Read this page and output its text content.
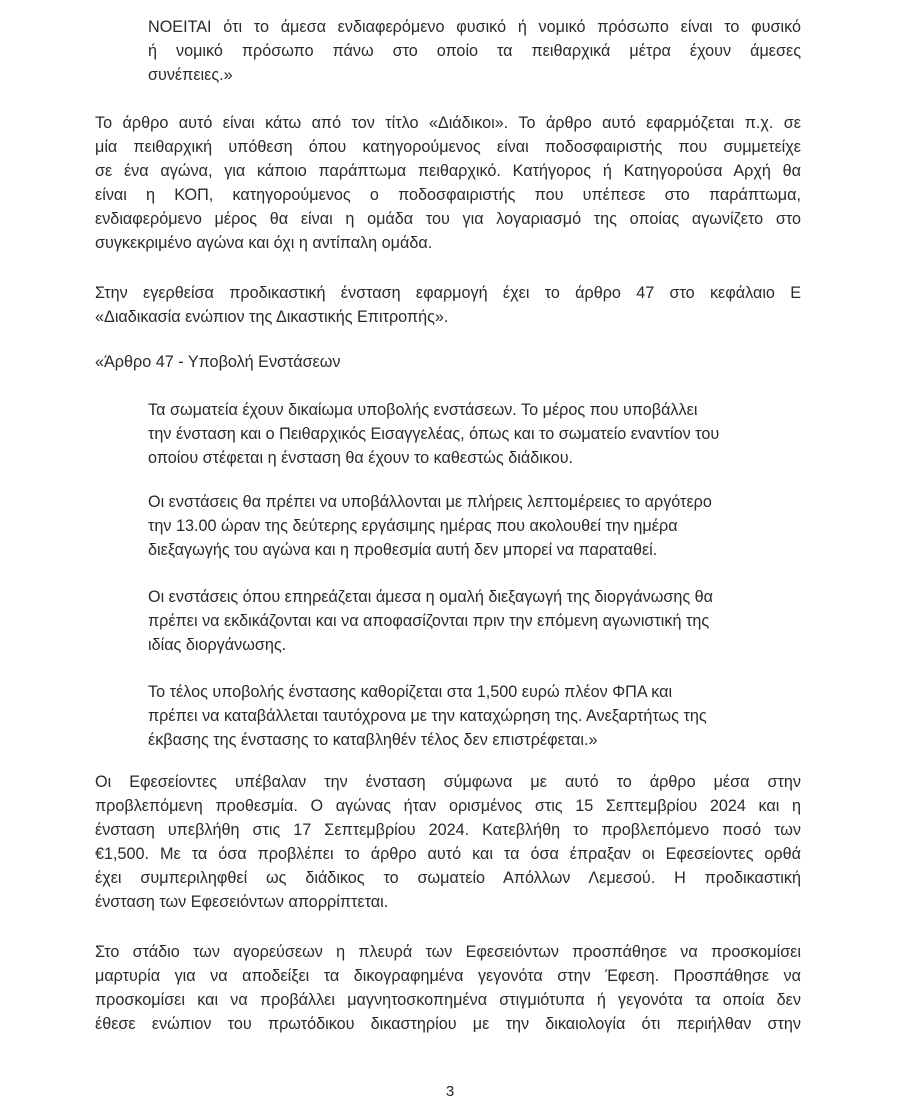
ΝΟΕΙΤΑΙ ότι το άμεσα ενδιαφερόμενο φυσικό ή νομικό πρόσωπο είναι το φυσικό
ή νομικό πρόσωπο πάνω στο οποίο τα πειθαρχικά μέτρα έχουν άμεσες
συνέπειες.»

Το άρθρο αυτό είναι κάτω από τον τίτλο «Διάδικοι». Το άρθρο αυτό εφαρμόζεται π.χ. σε
μία πειθαρχική υπόθεση όπου κατηγορούμενος είναι ποδοσφαιριστής που συμμετείχε
σε ένα αγώνα, για κάποιο παράπτωμα πειθαρχικό. Κατήγορος ή Κατηγορούσα Αρχή θα
είναι η ΚΟΠ, κατηγορούμενος ο ποδοσφαιριστής που υπέπεσε στο παράπτωμα,
ενδιαφερόμενο μέρος θα είναι η ομάδα του για λογαριασμό της οποίας αγωνίζετο στο
συγκεκριμένο αγώνα και όχι η αντίπαλη ομάδα.

Στην εγερθείσα προδικαστική ένσταση εφαρμογή έχει το άρθρο 47 στο κεφάλαιο Ε
«Διαδικασία ενώπιον της Δικαστικής Επιτροπής».

«Άρθρο 47 - Υποβολή Ενστάσεων

Τα σωματεία έχουν δικαίωμα υποβολής ενστάσεων. Το μέρος που υποβάλλει
την ένσταση και ο Πειθαρχικός Εισαγγελέας, όπως και το σωματείο εναντίον του
οποίου στέφεται η ένσταση θα έχουν το καθεστώς διάδικου.

Οι ενστάσεις θα πρέπει να υποβάλλονται με πλήρεις λεπτομέρειες το αργότερο
την 13.00 ώραν της δεύτερης εργάσιμης ημέρας που ακολουθεί την ημέρα
διεξαγωγής του αγώνα και η προθεσμία αυτή δεν μπορεί να παραταθεί.

Οι ενστάσεις όπου επηρεάζεται άμεσα η ομαλή διεξαγωγή της διοργάνωσης θα
πρέπει να εκδικάζονται και να αποφασίζονται πριν την επόμενη αγωνιστική της
ιδίας διοργάνωσης.

Το τέλος υποβολής ένστασης καθορίζεται στα 1,500 ευρώ πλέον ΦΠΑ και
πρέπει να καταβάλλεται ταυτόχρονα με την καταχώρηση της. Ανεξαρτήτως της
έκβασης της ένστασης το καταβληθέν τέλος δεν επιστρέφεται.»

Οι Εφεσείοντες υπέβαλαν την ένσταση σύμφωνα με αυτό το άρθρο μέσα στην
προβλεπόμενη προθεσμία. Ο αγώνας ήταν ορισμένος στις 15 Σεπτεμβρίου 2024 και η
ένσταση υπεβλήθη στις 17 Σεπτεμβρίου 2024. Κατεβλήθη το προβλεπόμενο ποσό των
€1,500. Με τα όσα προβλέπει το άρθρο αυτό και τα όσα έπραξαν οι Εφεσείοντες ορθά
έχει συμπεριληφθεί ως διάδικος το σωματείο Απόλλων Λεμεσού. Η προδικαστική
ένσταση των Εφεσειόντων απορρίπτεται.

Στο στάδιο των αγορεύσεων η πλευρά των Εφεσειόντων προσπάθησε να προσκομίσει
μαρτυρία για να αποδείξει τα δικογραφημένα γεγονότα στην Έφεση. Προσπάθησε να
προσκομίσει και να προβάλλει μαγνητοσκοπημένα στιγμιότυπα ή γεγονότα τα οποία δεν
έθεσε ενώπιον του πρωτόδικου δικαστηρίου με την δικαιολογία ότι περιήλθαν στην

3
